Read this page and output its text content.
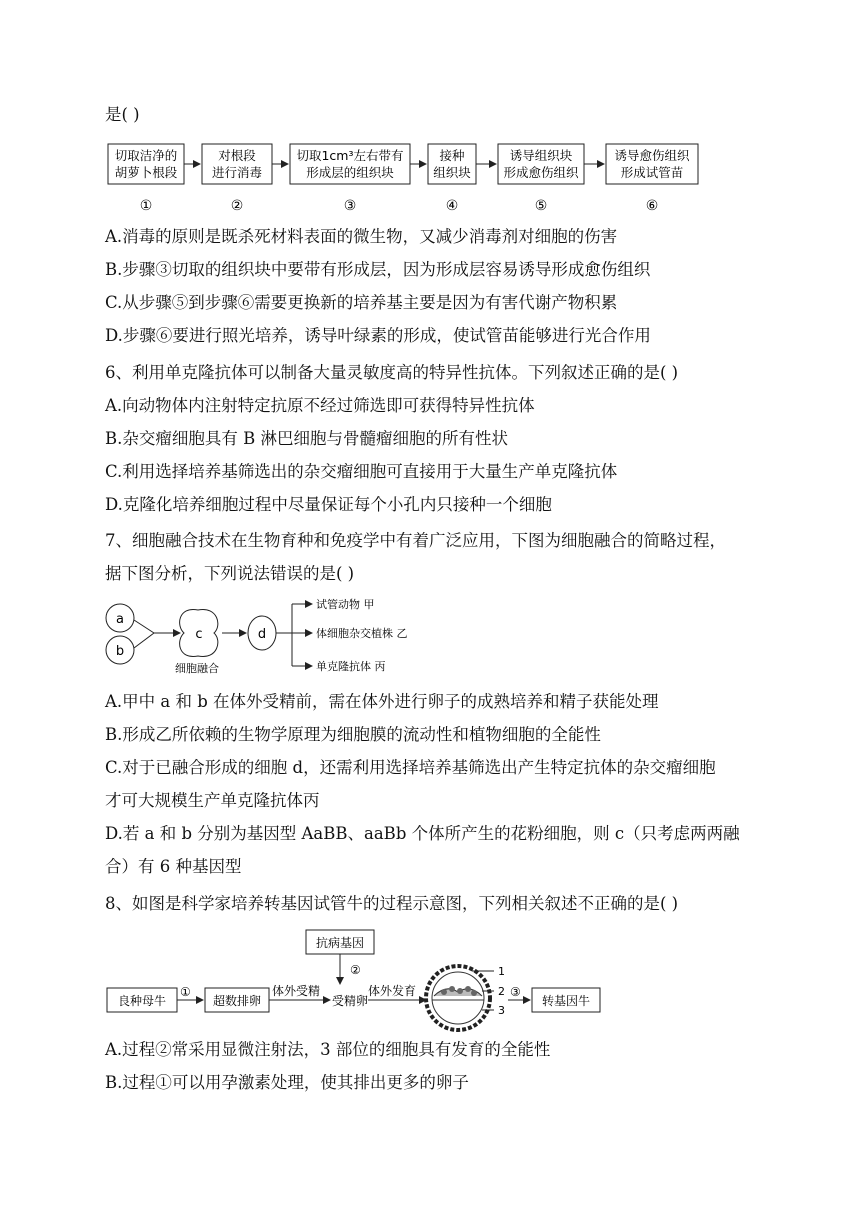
是( )
切取洁净的
胡萝卜根段
对根段
进行消毒
切取1cm³左右带有
形成层的组织块
接种
组织块
诱导组织块
形成愈伤组织
诱导愈伤组织
形成试管苗
①	②	③	④	⑤	⑥
A.消毒的原则是既杀死材料表面的微生物，又减少消毒剂对细胞的伤害
B.步骤③切取的组织块中要带有形成层，因为形成层容易诱导形成愈伤组织
C.从步骤⑤到步骤⑥需要更换新的培养基主要是因为有害代谢产物积累
D.步骤⑥要进行照光培养，诱导叶绿素的形成，使试管苗能够进行光合作用
6、利用单克隆抗体可以制备大量灵敏度高的特异性抗体。下列叙述正确的是( )
A.向动物体内注射特定抗原不经过筛选即可获得特异性抗体
B.杂交瘤细胞具有 B 淋巴细胞与骨髓瘤细胞的所有性状
C.利用选择培养基筛选出的杂交瘤细胞可直接用于大量生产单克隆抗体
D.克隆化培养细胞过程中尽量保证每个小孔内只接种一个细胞
7、细胞融合技术在生物育种和免疫学中有着广泛应用，下图为细胞融合的简略过程，
据下图分析，下列说法错误的是( )
a
b
c
细胞融合
d
试管动物 甲
体细胞杂交植株 乙
单克隆抗体 丙
A.甲中 a 和 b 在体外受精前，需在体外进行卵子的成熟培养和精子获能处理
B.形成乙所依赖的生物学原理为细胞膜的流动性和植物细胞的全能性
C.对于已融合形成的细胞 d，还需利用选择培养基筛选出产生特定抗体的杂交瘤细胞
才可大规模生产单克隆抗体丙
D.若 a 和 b 分别为基因型 AaBB、aaBb 个体所产生的花粉细胞，则 c（只考虑两两融
合）有 6 种基因型
8、如图是科学家培养转基因试管牛的过程示意图，下列相关叙述不正确的是( )
抗病基因
②
良种母牛
①
超数排卵
体外受精
受精卵
体外发育
1
2
3
③
转基因牛
A.过程②常采用显微注射法，3 部位的细胞具有发育的全能性
B.过程①可以用孕激素处理，使其排出更多的卵子
